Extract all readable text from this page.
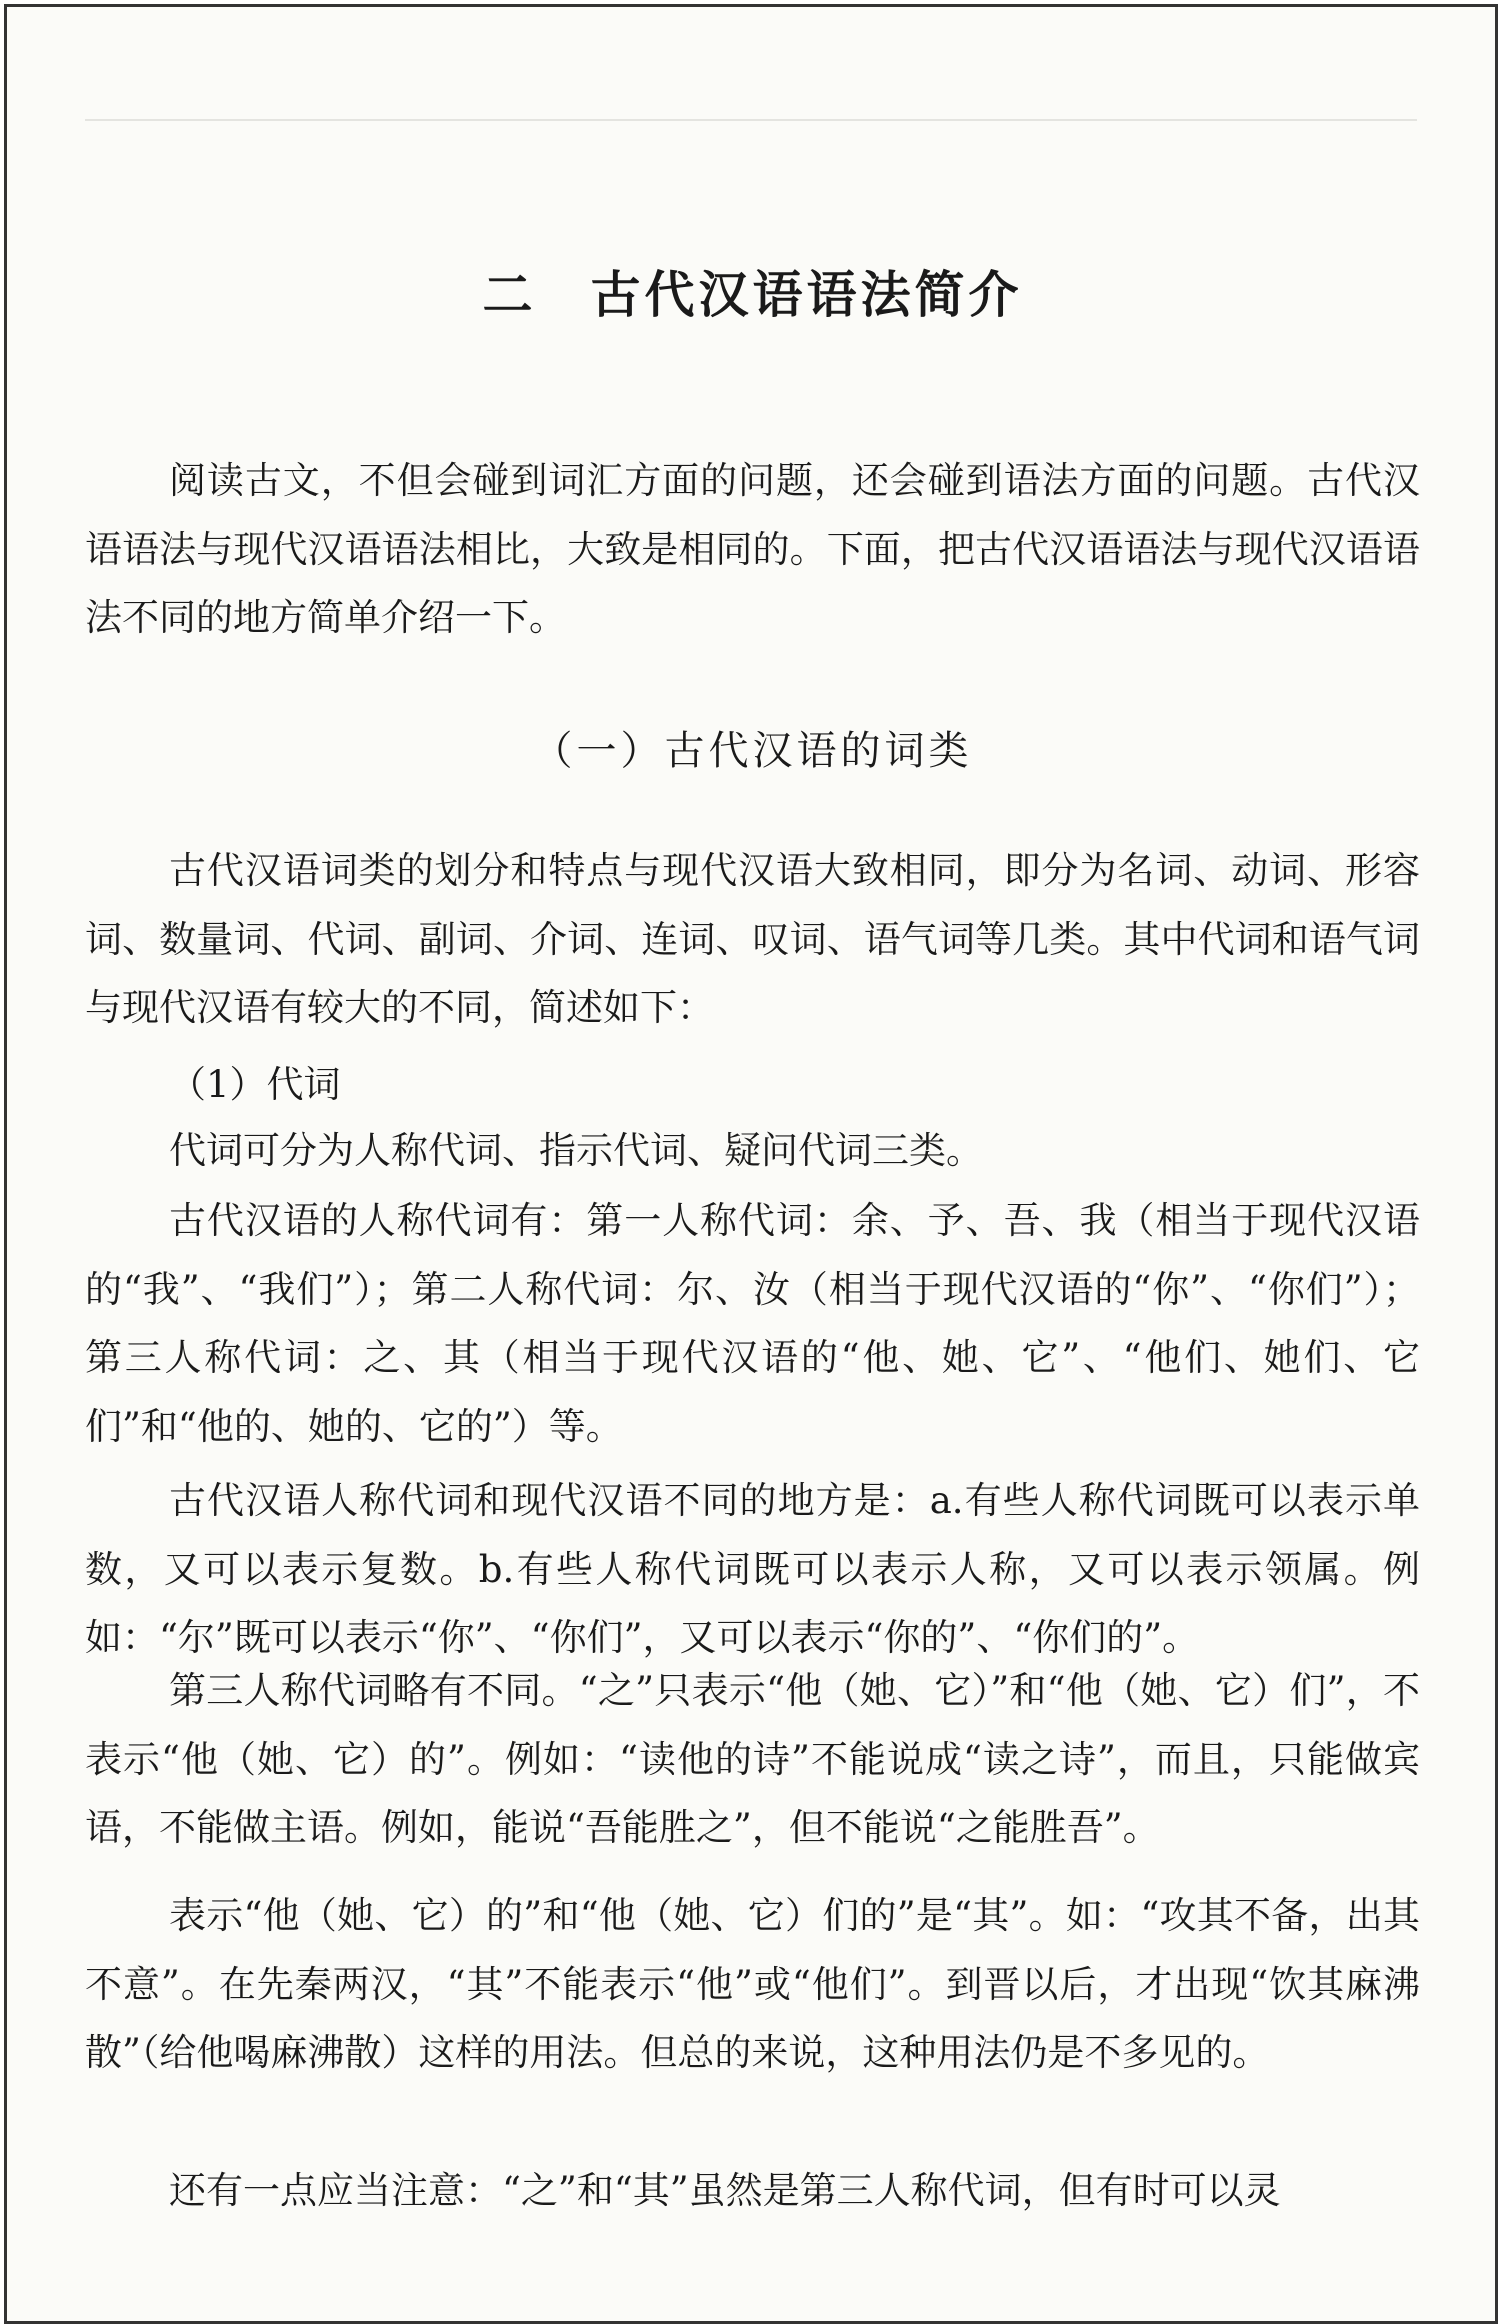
二　古代汉语语法简介

阅读古文，不但会碰到词汇方面的问题，还会碰到语法方面的问题。古代汉语语法与现代汉语语法相比，大致是相同的。下面，把古代汉语语法与现代汉语语法不同的地方简单介绍一下。

（一）古代汉语的词类

古代汉语词类的划分和特点与现代汉语大致相同，即分为名词、动词、形容词、数量词、代词、副词、介词、连词、叹词、语气词等几类。其中代词和语气词与现代汉语有较大的不同，简述如下：

（1）代词

代词可分为人称代词、指示代词、疑问代词三类。

古代汉语的人称代词有：第一人称代词：余、予、吾、我（相当于现代汉语的“我”、“我们”）；第二人称代词：尔、汝（相当于现代汉语的“你”、“你们”）；第三人称代词：之、其（相当于现代汉语的“他、她、它”、“他们、她们、它们”和“他的、她的、它的”）等。

古代汉语人称代词和现代汉语不同的地方是：a.有些人称代词既可以表示单数，又可以表示复数。b.有些人称代词既可以表示人称，又可以表示领属。例如：“尔”既可以表示“你”、“你们”，又可以表示“你的”、“你们的”。

第三人称代词略有不同。“之”只表示“他（她、它）”和“他（她、它）们”，不表示“他（她、它）的”。例如：“读他的诗”不能说成“读之诗”，而且，只能做宾语，不能做主语。例如，能说“吾能胜之”，但不能说“之能胜吾”。

表示“他（她、它）的”和“他（她、它）们的”是“其”。如：“攻其不备，出其不意”。在先秦两汉，“其”不能表示“他”或“他们”。到晋以后，才出现“饮其麻沸散”（给他喝麻沸散）这样的用法。但总的来说，这种用法仍是不多见的。

还有一点应当注意：“之”和“其”虽然是第三人称代词，但有时可以灵
